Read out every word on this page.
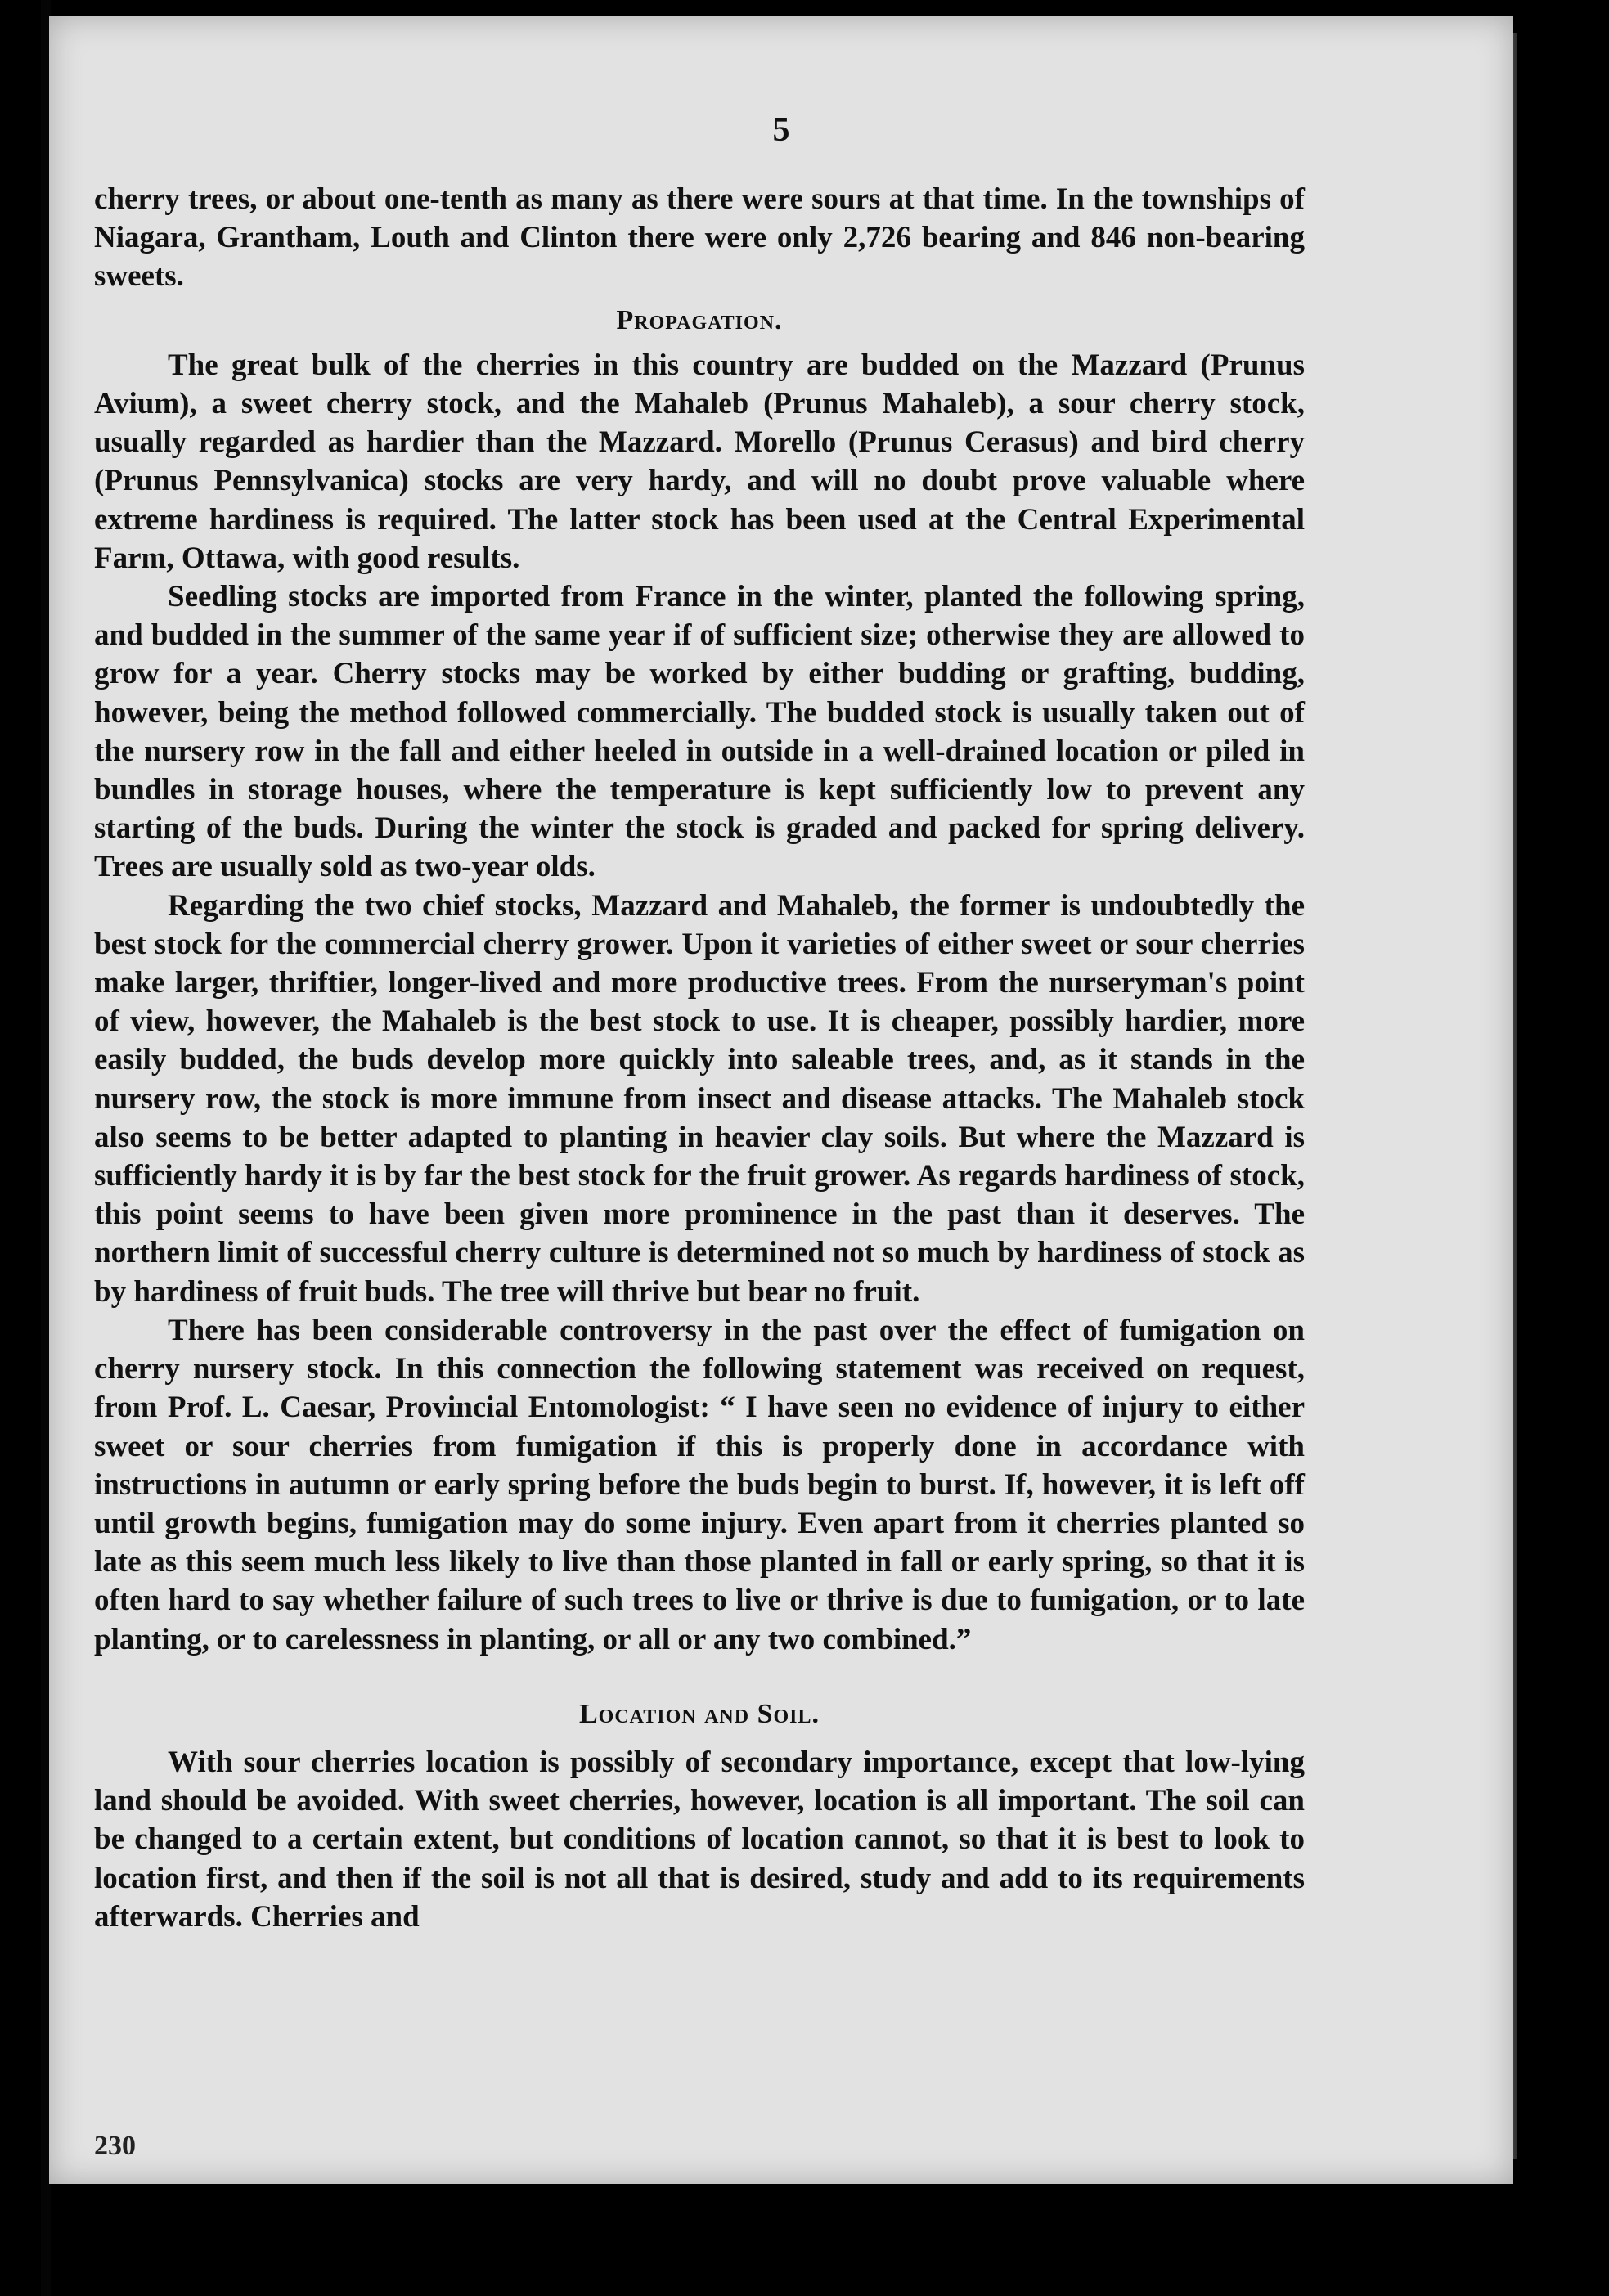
5

cherry trees, or about one-tenth as many as there were sours at that time. In the townships of Niagara, Grantham, Louth and Clinton there were only 2,726 bearing and 846 non-bearing sweets.

Propagation.

The great bulk of the cherries in this country are budded on the Mazzard (Prunus Avium), a sweet cherry stock, and the Mahaleb (Prunus Mahaleb), a sour cherry stock, usually regarded as hardier than the Mazzard. Morello (Prunus Cerasus) and bird cherry (Prunus Pennsylvanica) stocks are very hardy, and will no doubt prove valuable where extreme hardiness is required. The latter stock has been used at the Central Experimental Farm, Ottawa, with good results.

Seedling stocks are imported from France in the winter, planted the following spring, and budded in the summer of the same year if of sufficient size; otherwise they are allowed to grow for a year. Cherry stocks may be worked by either budding or grafting, budding, however, being the method followed commercially. The budded stock is usually taken out of the nursery row in the fall and either heeled in outside in a well-drained location or piled in bundles in storage houses, where the temperature is kept sufficiently low to prevent any starting of the buds. During the winter the stock is graded and packed for spring delivery. Trees are usually sold as two-year olds.

Regarding the two chief stocks, Mazzard and Mahaleb, the former is undoubtedly the best stock for the commercial cherry grower. Upon it varieties of either sweet or sour cherries make larger, thriftier, longer-lived and more productive trees. From the nurseryman's point of view, however, the Mahaleb is the best stock to use. It is cheaper, possibly hardier, more easily budded, the buds develop more quickly into saleable trees, and, as it stands in the nursery row, the stock is more immune from insect and disease attacks. The Mahaleb stock also seems to be better adapted to planting in heavier clay soils. But where the Mazzard is sufficiently hardy it is by far the best stock for the fruit grower. As regards hardiness of stock, this point seems to have been given more prominence in the past than it deserves. The northern limit of successful cherry culture is determined not so much by hardiness of stock as by hardiness of fruit buds. The tree will thrive but bear no fruit.

There has been considerable controversy in the past over the effect of fumigation on cherry nursery stock. In this connection the following statement was received on request, from Prof. L. Caesar, Provincial Entomologist: “ I have seen no evidence of injury to either sweet or sour cherries from fumigation if this is properly done in accordance with instructions in autumn or early spring before the buds begin to burst. If, however, it is left off until growth begins, fumigation may do some injury. Even apart from it cherries planted so late as this seem much less likely to live than those planted in fall or early spring, so that it is often hard to say whether failure of such trees to live or thrive is due to fumigation, or to late planting, or to carelessness in planting, or all or any two combined.”

Location and Soil.

With sour cherries location is possibly of secondary importance, except that low-lying land should be avoided. With sweet cherries, however, location is all important. The soil can be changed to a certain extent, but conditions of location cannot, so that it is best to look to location first, and then if the soil is not all that is desired, study and add to its requirements afterwards. Cherries and

230
